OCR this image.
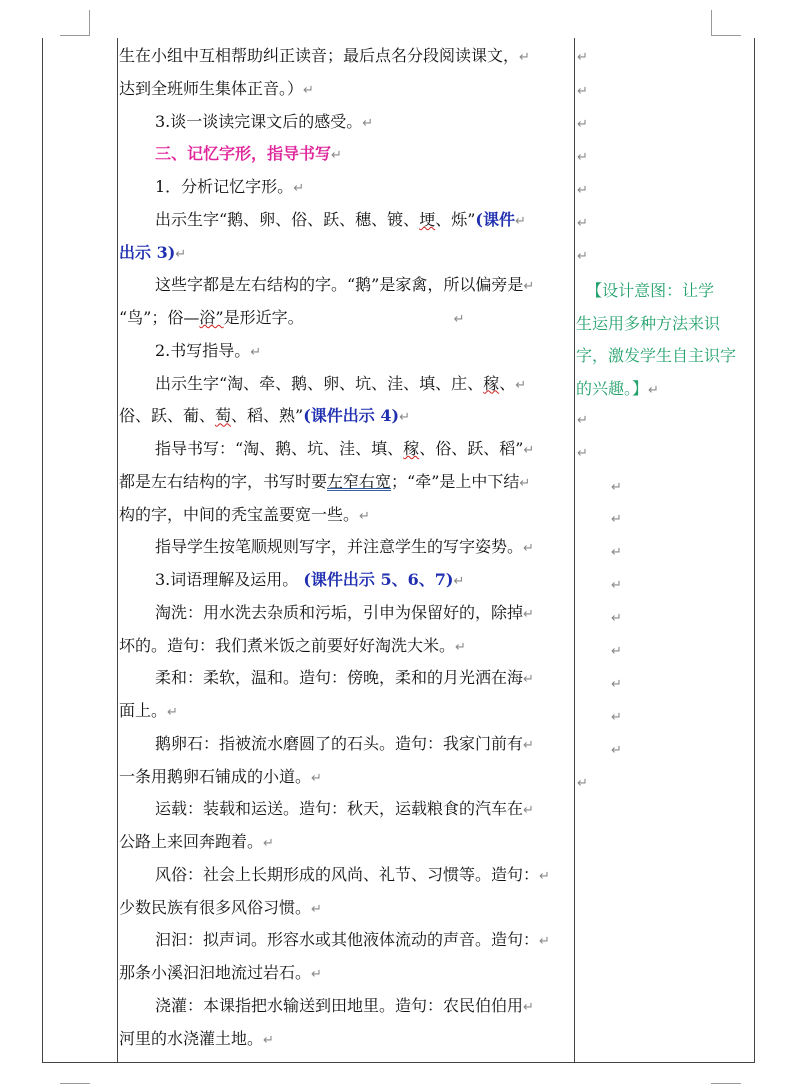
生在小组中互相帮助纠正读音；最后点名分段阅读课文，↵
达到全班师生集体正音。）↵
3.谈一谈读完课文后的感受。↵
三、记忆字形，指导书写↵
1．分析记忆字形。↵
出示生字“鹅、卵、俗、跃、穗、镀、埂、烁”(课件↵
出示 3)↵
这些字都是左右结构的字。“鹅”是家禽，所以偏旁是↵
“鸟”；俗—浴”是形近字。	↵
2.书写指导。↵
出示生字“淘、牵、鹅、卵、坑、洼、填、庄、稼、↵
俗、跃、葡、萄、稻、熟”(课件出示 4)↵
指导书写：“淘、鹅、坑、洼、填、稼、俗、跃、稻”↵
都是左右结构的字，书写时要左窄右宽；“牵”是上中下结↵
构的字，中间的秃宝盖要宽一些。↵
指导学生按笔顺规则写字，并注意学生的写字姿势。↵
3.词语理解及运用。 (课件出示 5、6、7)↵
淘洗：用水洗去杂质和污垢，引申为保留好的，除掉↵
坏的。造句：我们煮米饭之前要好好淘洗大米。↵
柔和：柔软，温和。造句：傍晚，柔和的月光洒在海↵
面上。↵
鹅卵石：指被流水磨圆了的石头。造句：我家门前有↵
一条用鹅卵石铺成的小道。↵
运载：装载和运送。造句：秋天，运载粮食的汽车在↵
公路上来回奔跑着。↵
风俗：社会上长期形成的风尚、礼节、习惯等。造句：↵
少数民族有很多风俗习惯。↵
汩汩：拟声词。形容水或其他液体流动的声音。造句：↵
那条小溪汩汩地流过岩石。↵
浇灌：本课指把水输送到田地里。造句：农民伯伯用↵
河里的水浇灌土地。↵
↵
↵
↵
↵
↵
↵
↵
↵
↵
↵
↵
↵
↵
↵
↵
↵
↵
↵
↵
【设计意图：让学
生运用多种方法来识
字，激发学生自主识字
的兴趣。】↵
